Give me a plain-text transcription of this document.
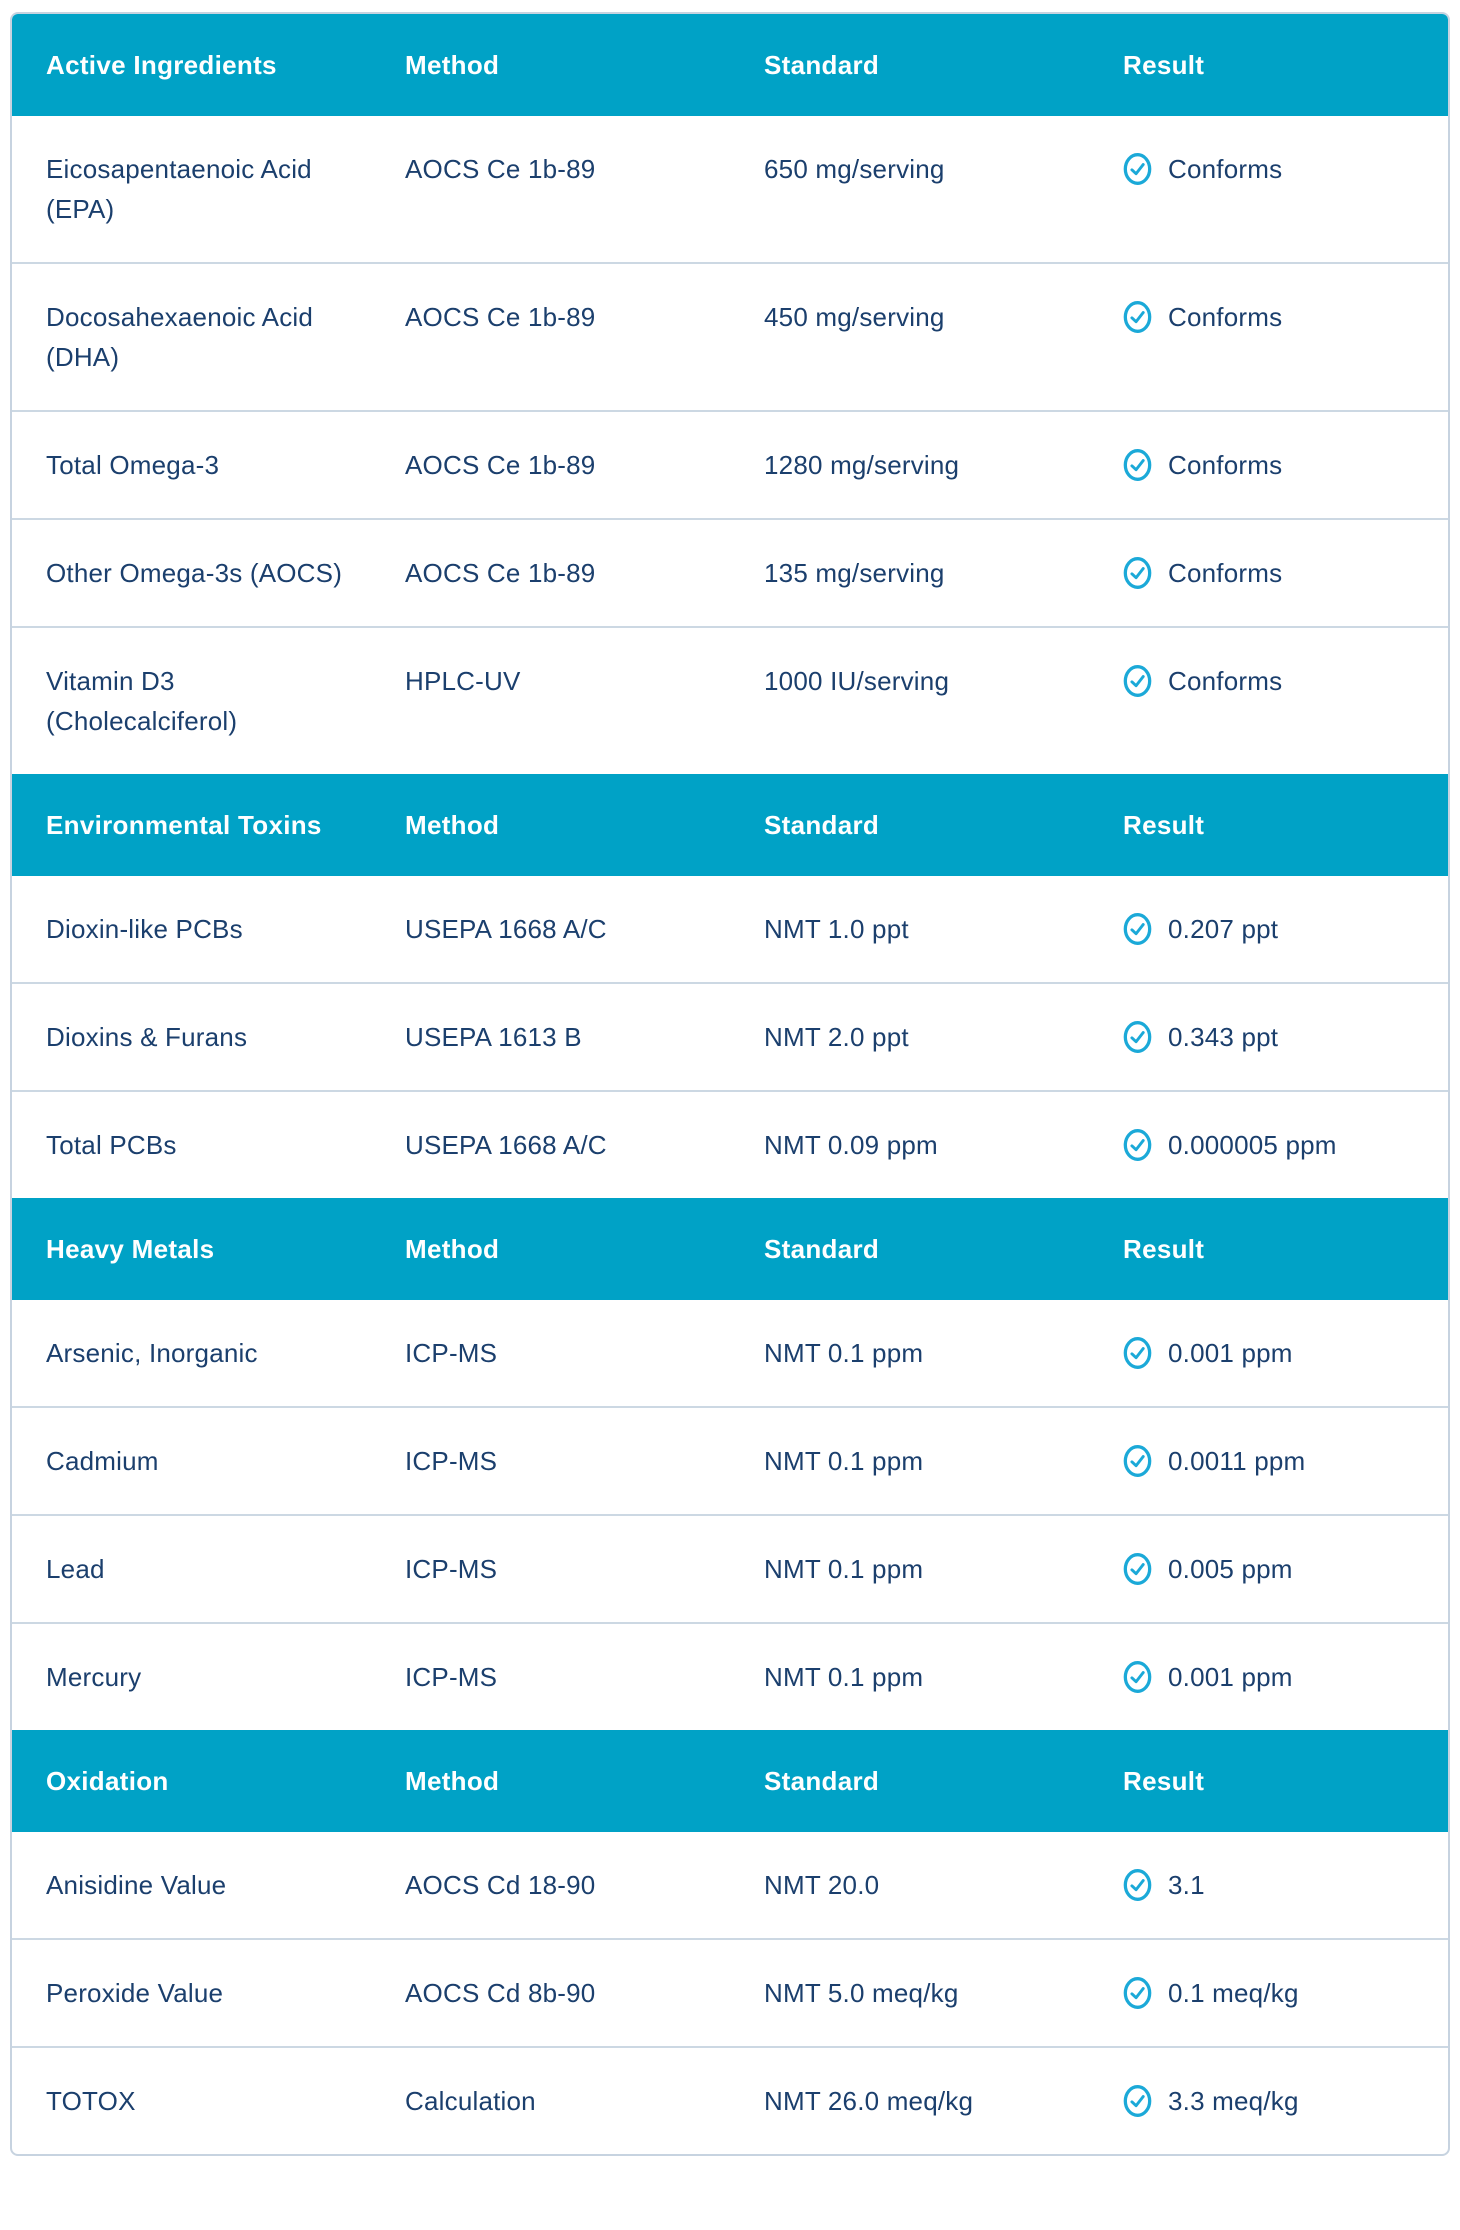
Active Ingredients	Method	Standard	Result
Eicosapentaenoic Acid (EPA)	AOCS Ce 1b-89	650 mg/serving	Conforms

Docosahexaenoic Acid (DHA)	AOCS Ce 1b-89	450 mg/serving	Conforms

Total Omega-3	AOCS Ce 1b-89	1280 mg/serving	Conforms

Other Omega-3s (AOCS)	AOCS Ce 1b-89	135 mg/serving	Conforms

Vitamin D3 (Cholecalciferol)	HPLC-UV	1000 IU/serving	Conforms

Environmental Toxins	Method	Standard	Result
Dioxin-like PCBs	USEPA 1668 A/C	NMT 1.0 ppt	0.207 ppt

Dioxins & Furans	USEPA 1613 B	NMT 2.0 ppt	0.343 ppt

Total PCBs	USEPA 1668 A/C	NMT 0.09 ppm	0.000005 ppm

Heavy Metals	Method	Standard	Result
Arsenic, Inorganic	ICP-MS	NMT 0.1 ppm	0.001 ppm

Cadmium	ICP-MS	NMT 0.1 ppm	0.0011 ppm

Lead	ICP-MS	NMT 0.1 ppm	0.005 ppm

Mercury	ICP-MS	NMT 0.1 ppm	0.001 ppm

Oxidation	Method	Standard	Result
Anisidine Value	AOCS Cd 18-90	NMT 20.0	3.1

Peroxide Value	AOCS Cd 8b-90	NMT 5.0 meq/kg	0.1 meq/kg

TOTOX	Calculation	NMT 26.0 meq/kg	3.3 meq/kg
